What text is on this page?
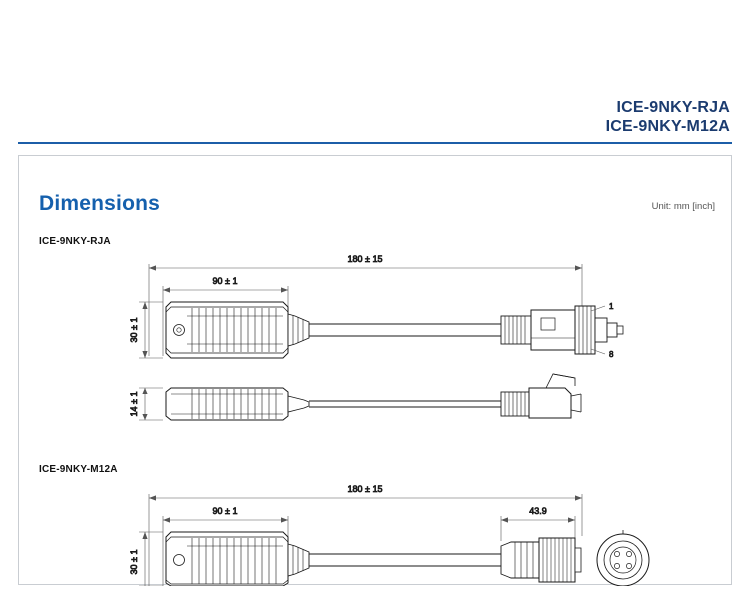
ICE-9NKY-RJA
ICE-9NKY-M12A
Dimensions	Unit: mm [inch]
ICE-9NKY-RJA
ICE-9NKY-M12A
180 ± 15
90 ± 1
30 ± 1
1
8
14 ± 1
180 ± 15
90 ± 1	43.9
30 ± 1
